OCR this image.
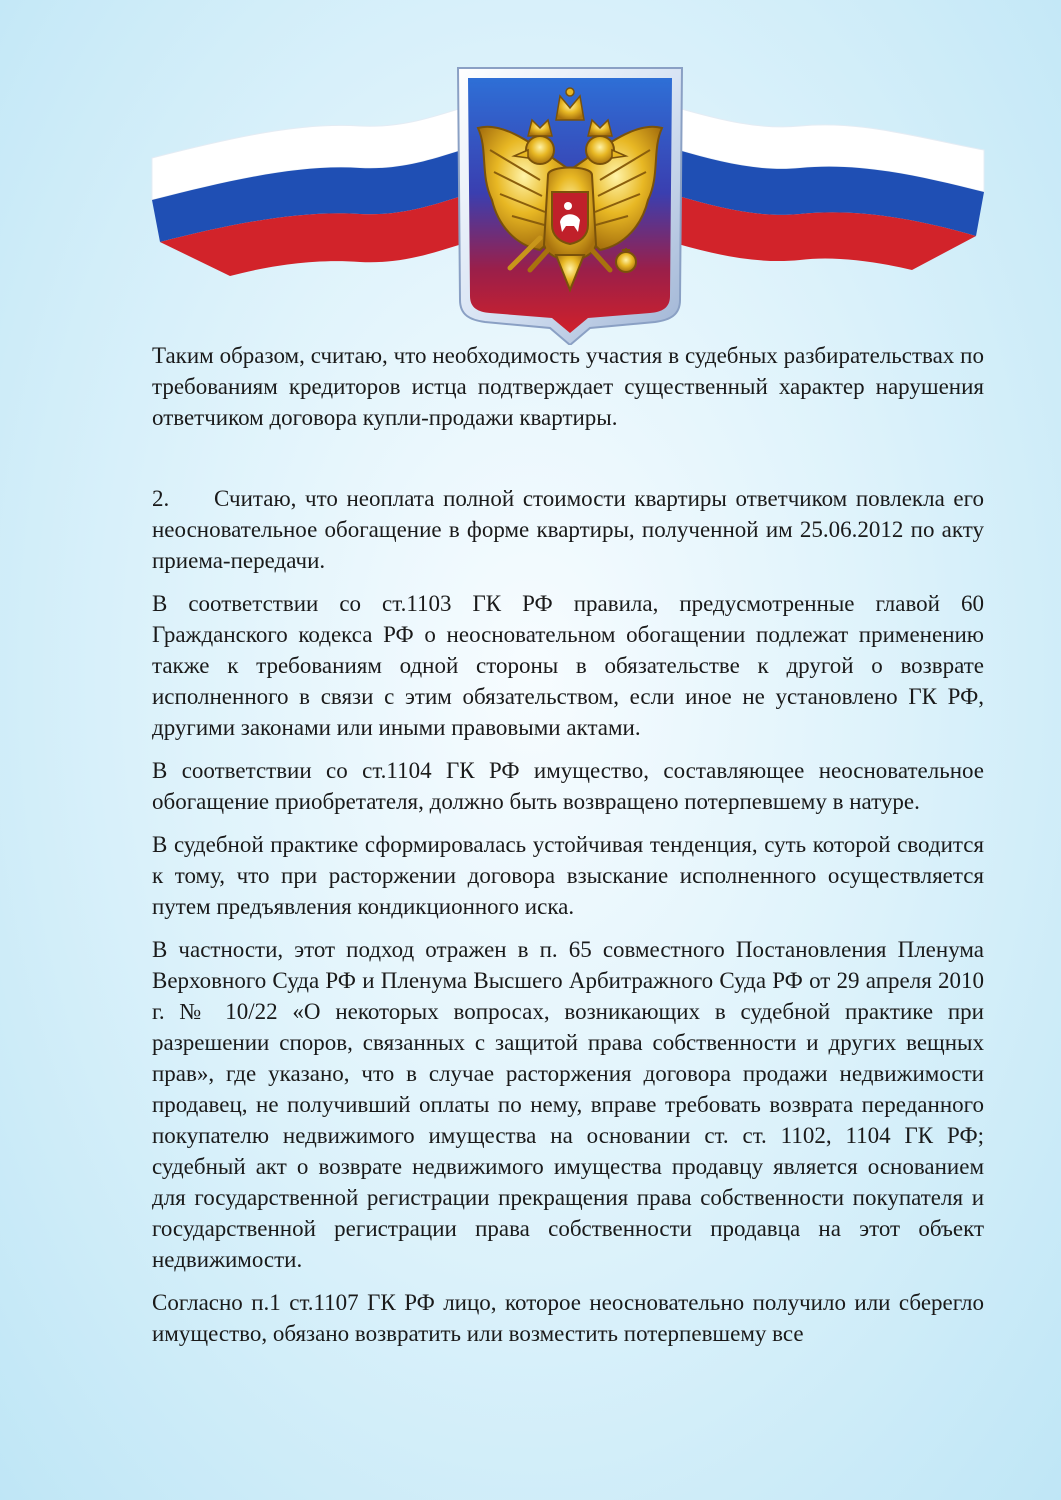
Таким образом, считаю, что необходимость участия в судебных разбирательствах по требованиям кредиторов истца подтверждает существенный характер нарушения ответчиком договора купли-продажи квартиры.

2. Считаю, что неоплата полной стоимости квартиры ответчиком повлекла его неосновательное обогащение в форме квартиры, полученной им 25.06.2012 по акту приема-передачи.

В соответствии со ст.1103 ГК РФ правила, предусмотренные главой 60 Гражданского кодекса РФ о неосновательном обогащении подлежат применению также к требованиям одной стороны в обязательстве к другой о возврате исполненного в связи с этим обязательством, если иное не установлено ГК РФ, другими законами или иными правовыми актами.

В соответствии со ст.1104 ГК РФ имущество, составляющее неосновательное обогащение приобретателя, должно быть возвращено потерпевшему в натуре.

В судебной практике сформировалась устойчивая тенденция, суть которой сводится к тому, что при расторжении договора взыскание исполненного осуществляется путем предъявления кондикционного иска.

В частности, этот подход отражен в п. 65 совместного Постановления Пленума Верховного Суда РФ и Пленума Высшего Арбитражного Суда РФ от 29 апреля 2010 г. № 10/22 «О некоторых вопросах, возникающих в судебной практике при разрешении споров, связанных с защитой права собственности и других вещных прав», где указано, что в случае расторжения договора продажи недвижимости продавец, не получивший оплаты по нему, вправе требовать возврата переданного покупателю недвижимого имущества на основании ст. ст. 1102, 1104 ГК РФ; судебный акт о возврате недвижимого имущества продавцу является основанием для государственной регистрации прекращения права собственности покупателя и государственной регистрации права собственности продавца на этот объект недвижимости.

Согласно п.1 ст.1107 ГК РФ лицо, которое неосновательно получило или сберегло имущество, обязано возвратить или возместить потерпевшему все
